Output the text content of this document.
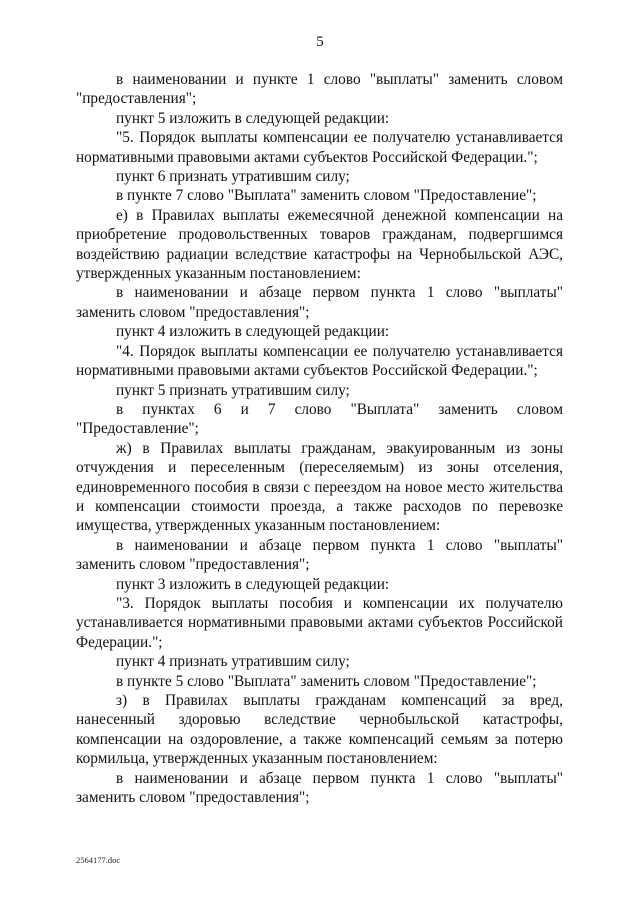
5

в наименовании и пункте 1 слово "выплаты" заменить словом "предоставления";

пункт 5 изложить в следующей редакции:

"5. Порядок выплаты компенсации ее получателю устанавливается нормативными правовыми актами субъектов Российской Федерации.";

пункт 6 признать утратившим силу;

в пункте 7 слово "Выплата" заменить словом "Предоставление";

е) в Правилах выплаты ежемесячной денежной компенсации на приобретение продовольственных товаров гражданам, подвергшимся воздействию радиации вследствие катастрофы на Чернобыльской АЭС, утвержденных указанным постановлением:

в наименовании и абзаце первом пункта 1 слово "выплаты" заменить словом "предоставления";

пункт 4 изложить в следующей редакции:

"4. Порядок выплаты компенсации ее получателю устанавливается нормативными правовыми актами субъектов Российской Федерации.";

пункт 5 признать утратившим силу;

в пунктах 6 и 7 слово "Выплата" заменить словом "Предоставление";

ж) в Правилах выплаты гражданам, эвакуированным из зоны отчуждения и переселенным (переселяемым) из зоны отселения, единовременного пособия в связи с переездом на новое место жительства и компенсации стоимости проезда, а также расходов по перевозке имущества, утвержденных указанным постановлением:

в наименовании и абзаце первом пункта 1 слово "выплаты" заменить словом "предоставления";

пункт 3 изложить в следующей редакции:

"3. Порядок выплаты пособия и компенсации их получателю устанавливается нормативными правовыми актами субъектов Российской Федерации.";

пункт 4 признать утратившим силу;

в пункте 5 слово "Выплата" заменить словом "Предоставление";

з) в Правилах выплаты гражданам компенсаций за вред, нанесенный здоровью вследствие чернобыльской катастрофы, компенсации на оздоровление, а также компенсаций семьям за потерю кормильца, утвержденных указанным постановлением:

в наименовании и абзаце первом пункта 1 слово "выплаты" заменить словом "предоставления";

2564177.doc
